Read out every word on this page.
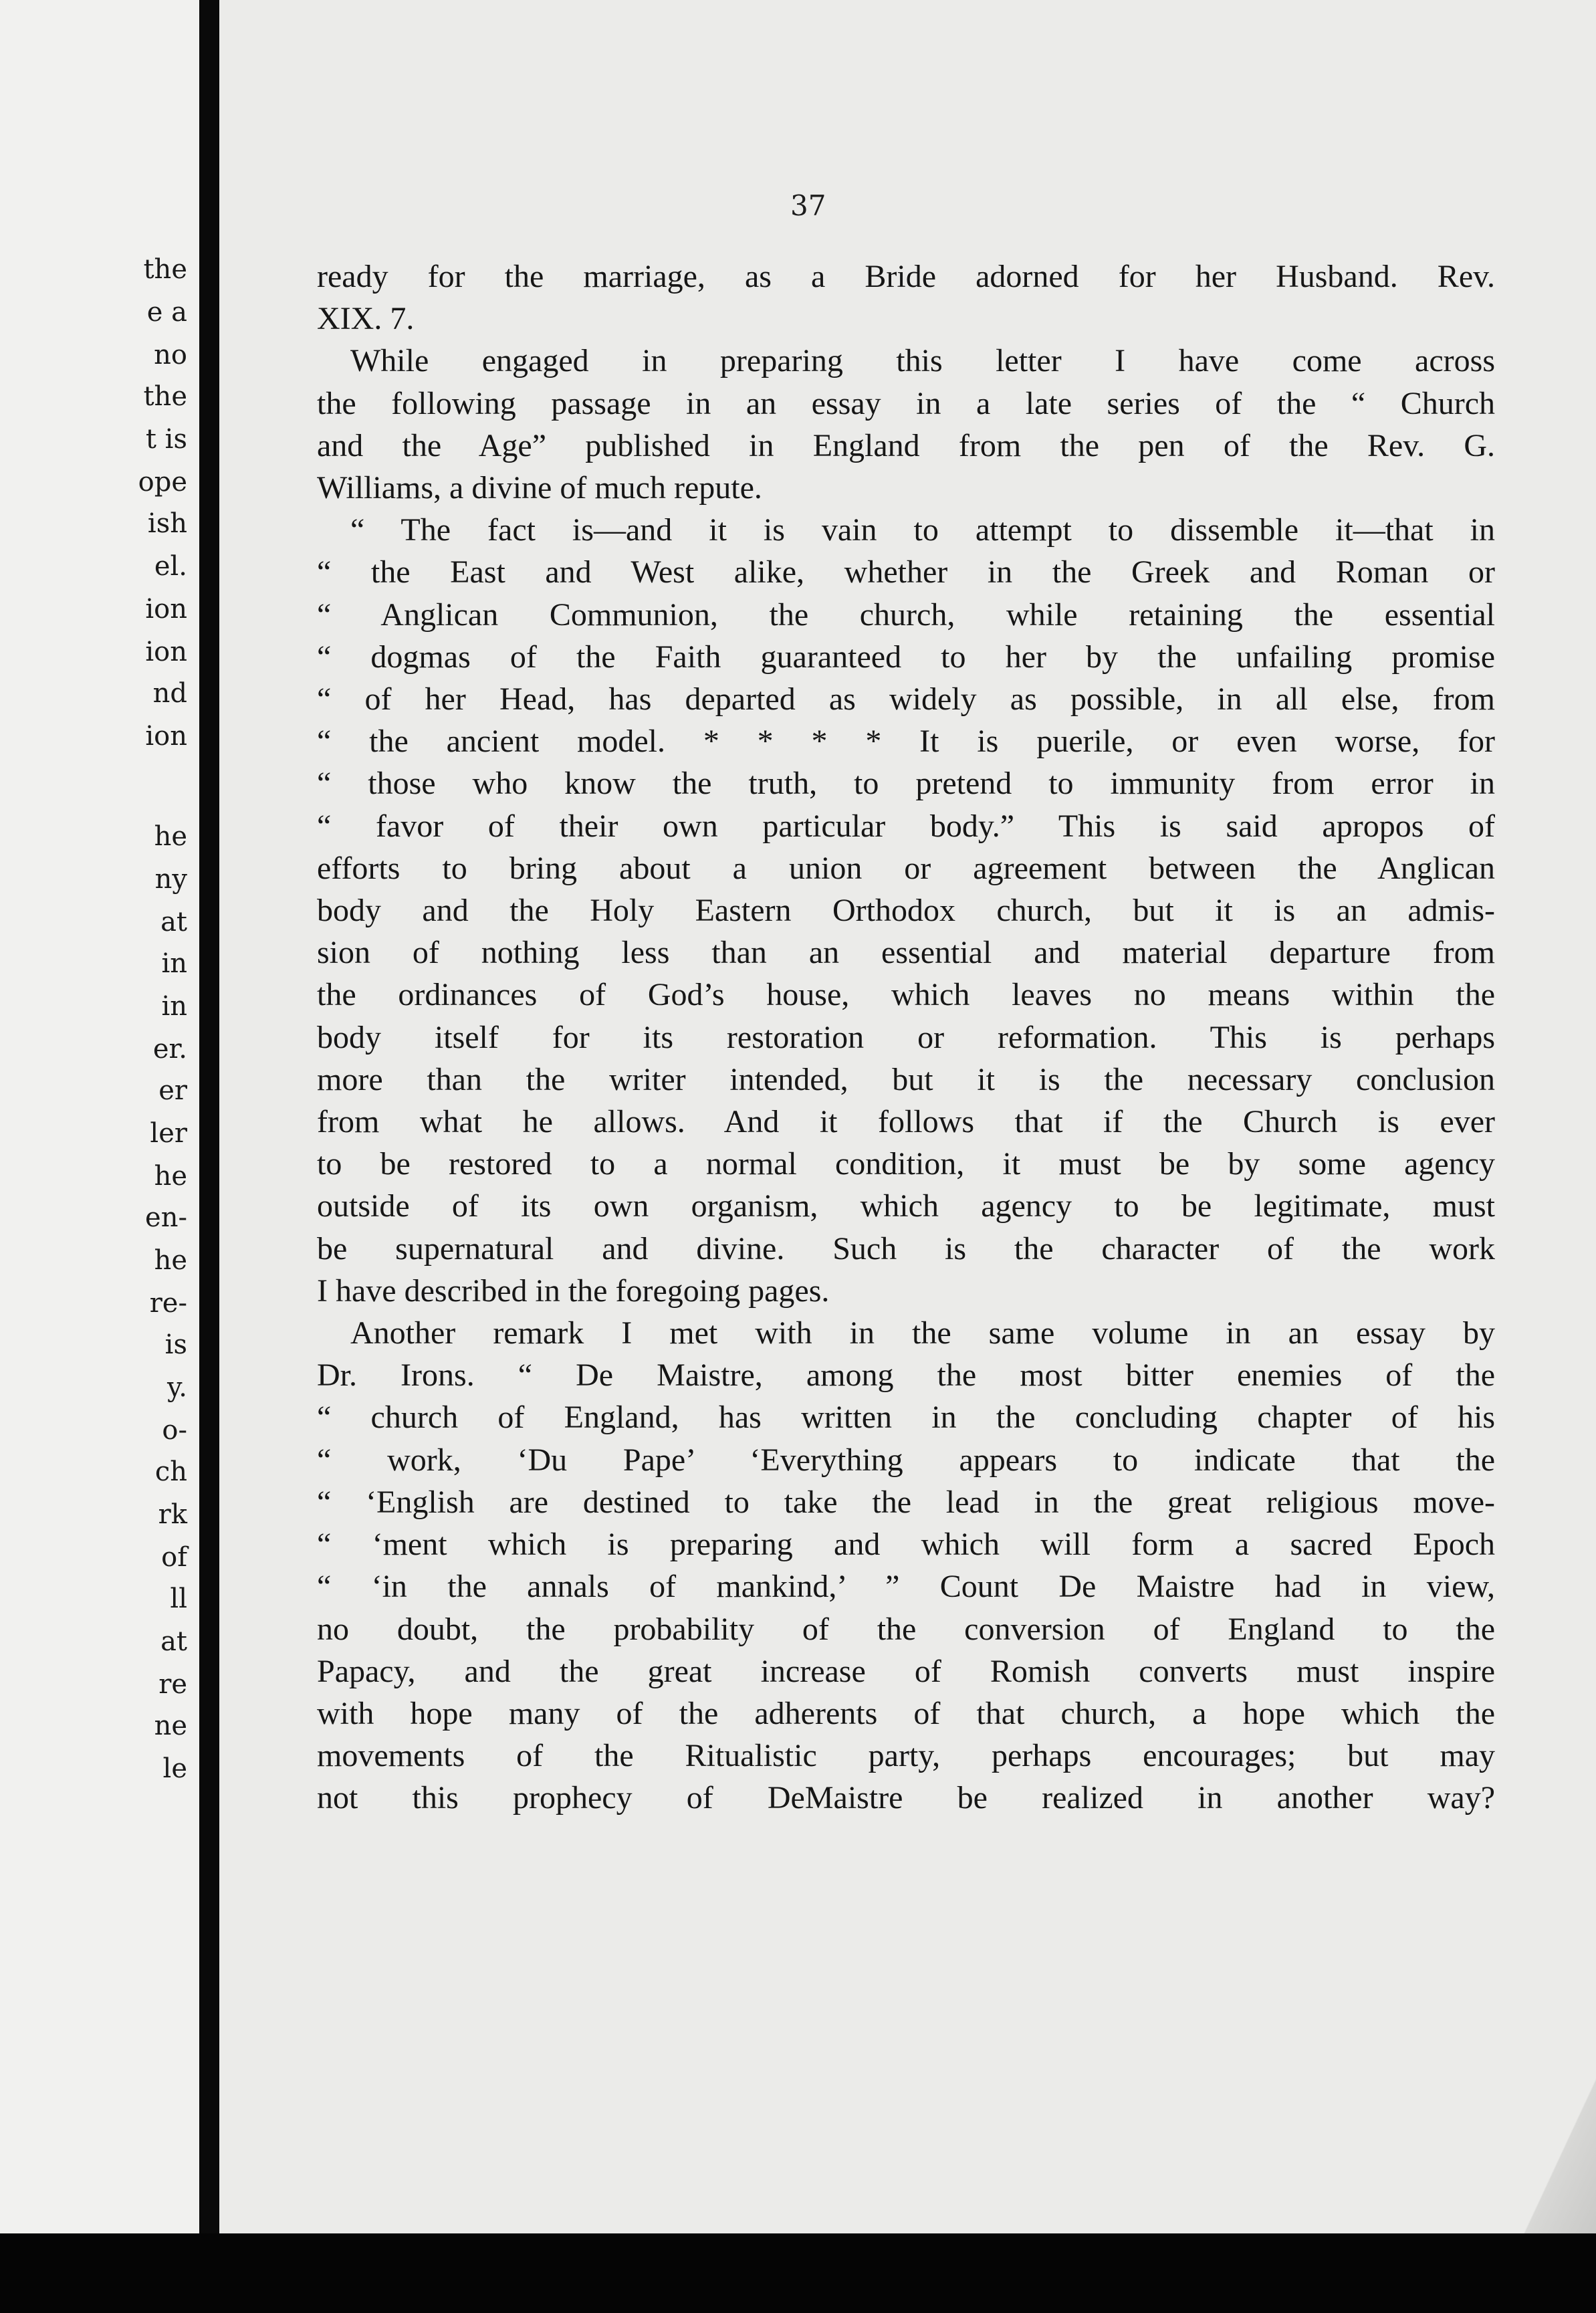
the
e a
no
the
t is
ope
ish
el.
ion
ion
nd
ion
he
ny
at
in
in
er.
er
ler
he
en-
he
re-
is
y.
o-
ch
rk
of
ll
at
re
ne
le
37
ready for the marriage, as a Bride adorned for her Husband. Rev.
XIX. 7.
While engaged in preparing this letter I have come across
the following passage in an essay in a late series of the “ Church
and the Age” published in England from the pen of the Rev. G.
Williams, a divine of much repute.
“ The fact is—and it is vain to attempt to dissemble it—that in
“ the East and West alike, whether in the Greek and Roman or
“ Anglican Communion, the church, while retaining the essential
“ dogmas of the Faith guaranteed to her by the unfailing promise
“ of her Head, has departed as widely as possible, in all else, from
“ the ancient model. * * * * It is puerile, or even worse, for
“ those who know the truth, to pretend to immunity from error in
“ favor of their own particular body.” This is said apropos of
efforts to bring about a union or agreement between the Anglican
body and the Holy Eastern Orthodox church, but it is an admis-
sion of nothing less than an essential and material departure from
the ordinances of God’s house, which leaves no means within the
body itself for its restoration or reformation. This is perhaps
more than the writer intended, but it is the necessary conclusion
from what he allows. And it follows that if the Church is ever
to be restored to a normal condition, it must be by some agency
outside of its own organism, which agency to be legitimate, must
be supernatural and divine. Such is the character of the work
I have described in the foregoing pages.
Another remark I met with in the same volume in an essay by
Dr. Irons. “ De Maistre, among the most bitter enemies of the
“ church of England, has written in the concluding chapter of his
“ work, ‘Du Pape’ ‘Everything appears to indicate that the
“ ‘English are destined to take the lead in the great religious move-
“ ‘ment which is preparing and which will form a sacred Epoch
“ ‘in the annals of mankind,’ ” Count De Maistre had in view,
no doubt, the probability of the conversion of England to the
Papacy, and the great increase of Romish converts must inspire
with hope many of the adherents of that church, a hope which the
movements of the Ritualistic party, perhaps encourages; but may
not this prophecy of DeMaistre be realized in another way?
